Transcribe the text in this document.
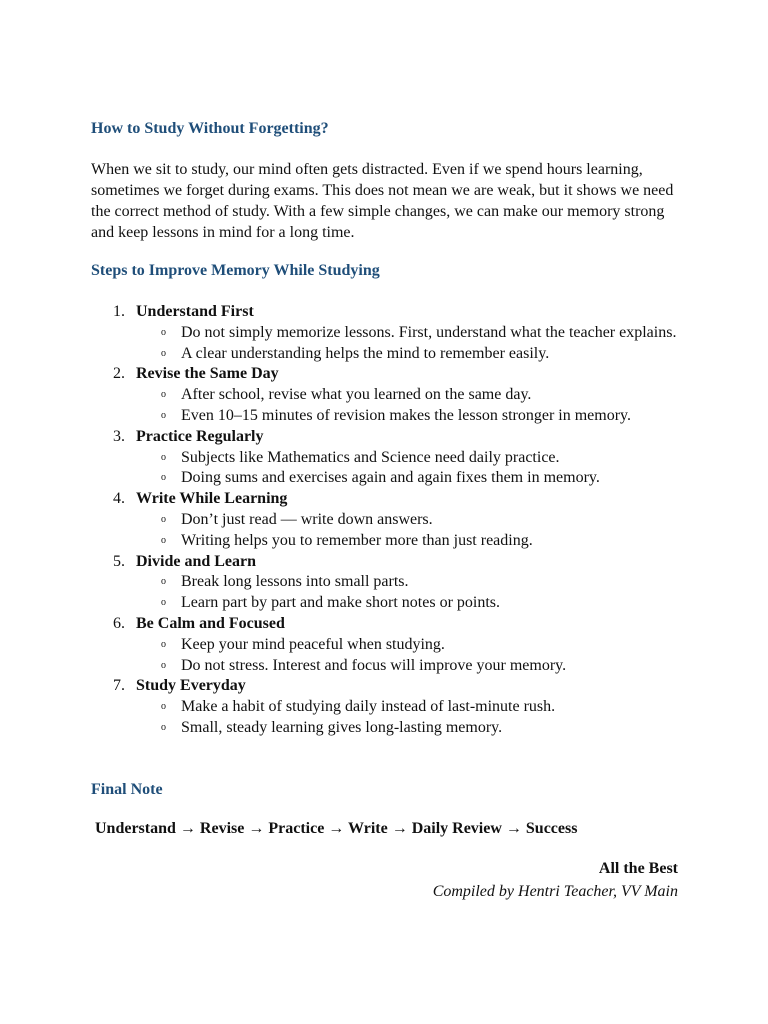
How to Study Without Forgetting?

When we sit to study, our mind often gets distracted. Even if we spend hours learning, sometimes we forget during exams. This does not mean we are weak, but it shows we need the correct method of study. With a few simple changes, we can make our memory strong and keep lessons in mind for a long time.

Steps to Improve Memory While Studying
1. Understand First
o Do not simply memorize lessons. First, understand what the teacher explains.
o A clear understanding helps the mind to remember easily.
2. Revise the Same Day
o After school, revise what you learned on the same day.
o Even 10–15 minutes of revision makes the lesson stronger in memory.
3. Practice Regularly
o Subjects like Mathematics and Science need daily practice.
o Doing sums and exercises again and again fixes them in memory.
4. Write While Learning
o Don’t just read — write down answers.
o Writing helps you to remember more than just reading.
5. Divide and Learn
o Break long lessons into small parts.
o Learn part by part and make short notes or points.
6. Be Calm and Focused
o Keep your mind peaceful when studying.
o Do not stress. Interest and focus will improve your memory.
7. Study Everyday
o Make a habit of studying daily instead of last-minute rush.
o Small, steady learning gives long-lasting memory.
Final Note

Understand → Revise → Practice → Write → Daily Review → Success

All the Best

Compiled by Hentri Teacher, VV Main
